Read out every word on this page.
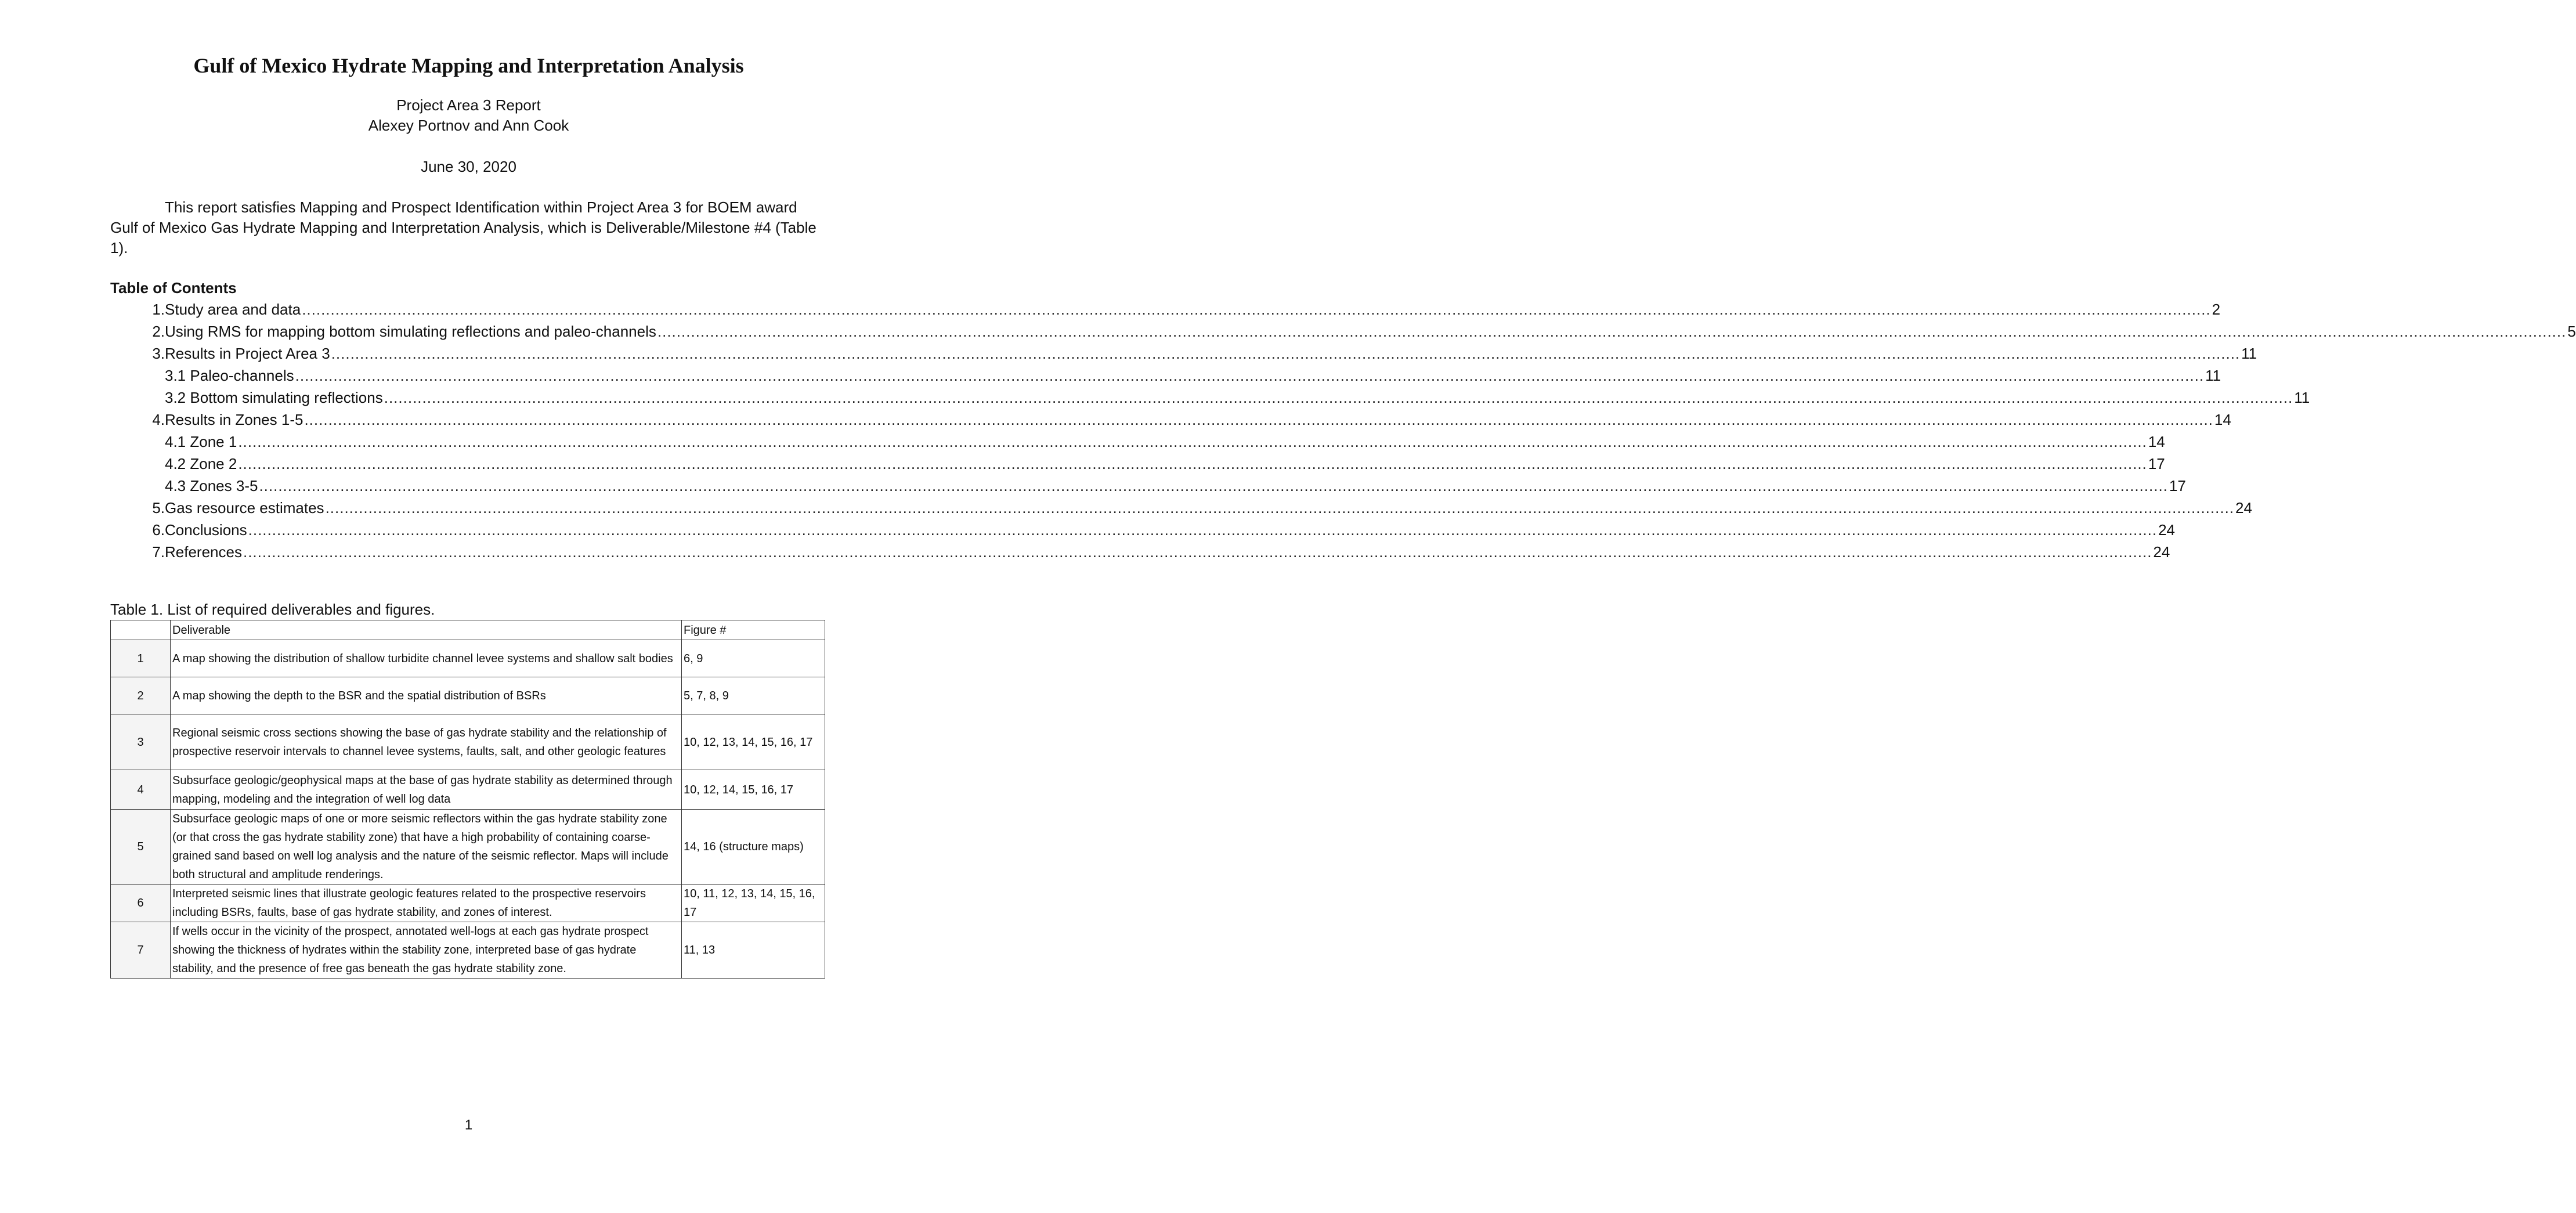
Gulf of Mexico Hydrate Mapping and Interpretation Analysis
Project Area 3 Report
Alexey Portnov and Ann Cook
June 30, 2020

This report satisfies Mapping and Prospect Identification within Project Area 3 for BOEM award Gulf of Mexico Gas Hydrate Mapping and Interpretation Analysis, which is Deliverable/Milestone #4 (Table 1).

Table of Contents
1. Study area and data ................................................................................................................................................................................................................................................................................................................................................................................................................ 2
2. Using RMS for mapping bottom simulating reflections and paleo-channels ................................................................................................................................................................................................................................................................................................................................................................................................................ 5
3. Results in Project Area 3 ................................................................................................................................................................................................................................................................................................................................................................................................................ 11
3.1 Paleo-channels ................................................................................................................................................................................................................................................................................................................................................................................................................ 11
3.2 Bottom simulating reflections ................................................................................................................................................................................................................................................................................................................................................................................................................ 11
4. Results in Zones 1-5 ................................................................................................................................................................................................................................................................................................................................................................................................................ 14
4.1 Zone 1 ................................................................................................................................................................................................................................................................................................................................................................................................................ 14
4.2 Zone 2 ................................................................................................................................................................................................................................................................................................................................................................................................................ 17
4.3 Zones 3-5 ................................................................................................................................................................................................................................................................................................................................................................................................................ 17
5. Gas resource estimates ................................................................................................................................................................................................................................................................................................................................................................................................................ 24
6. Conclusions ................................................................................................................................................................................................................................................................................................................................................................................................................ 24
7. References ................................................................................................................................................................................................................................................................................................................................................................................................................ 24
Table 1. List of required deliverables and figures.
	Deliverable	Figure #
1	A map showing the distribution of shallow turbidite channel levee systems and shallow salt bodies	6, 9
2	A map showing the depth to the BSR and the spatial distribution of BSRs	5, 7, 8, 9
3	Regional seismic cross sections showing the base of gas hydrate stability and the relationship of prospective reservoir intervals to channel levee systems, faults, salt, and other geologic features	10, 12, 13, 14, 15, 16, 17
4	Subsurface geologic/geophysical maps at the base of gas hydrate stability as determined through mapping, modeling and the integration of well log data	10, 12, 14, 15, 16, 17
5	Subsurface geologic maps of one or more seismic reflectors within the gas hydrate stability zone (or that cross the gas hydrate stability zone) that have a high probability of containing coarse-grained sand based on well log analysis and the nature of the seismic reflector. Maps will include both structural and amplitude renderings.	14, 16 (structure maps)
6	Interpreted seismic lines that illustrate geologic features related to the prospective reservoirs including BSRs, faults, base of gas hydrate stability, and zones of interest.	10, 11, 12, 13, 14, 15, 16, 17
7	If wells occur in the vicinity of the prospect, annotated well-logs at each gas hydrate prospect showing the thickness of hydrates within the stability zone, interpreted base of gas hydrate stability, and the presence of free gas beneath the gas hydrate stability zone.	11, 13
1
